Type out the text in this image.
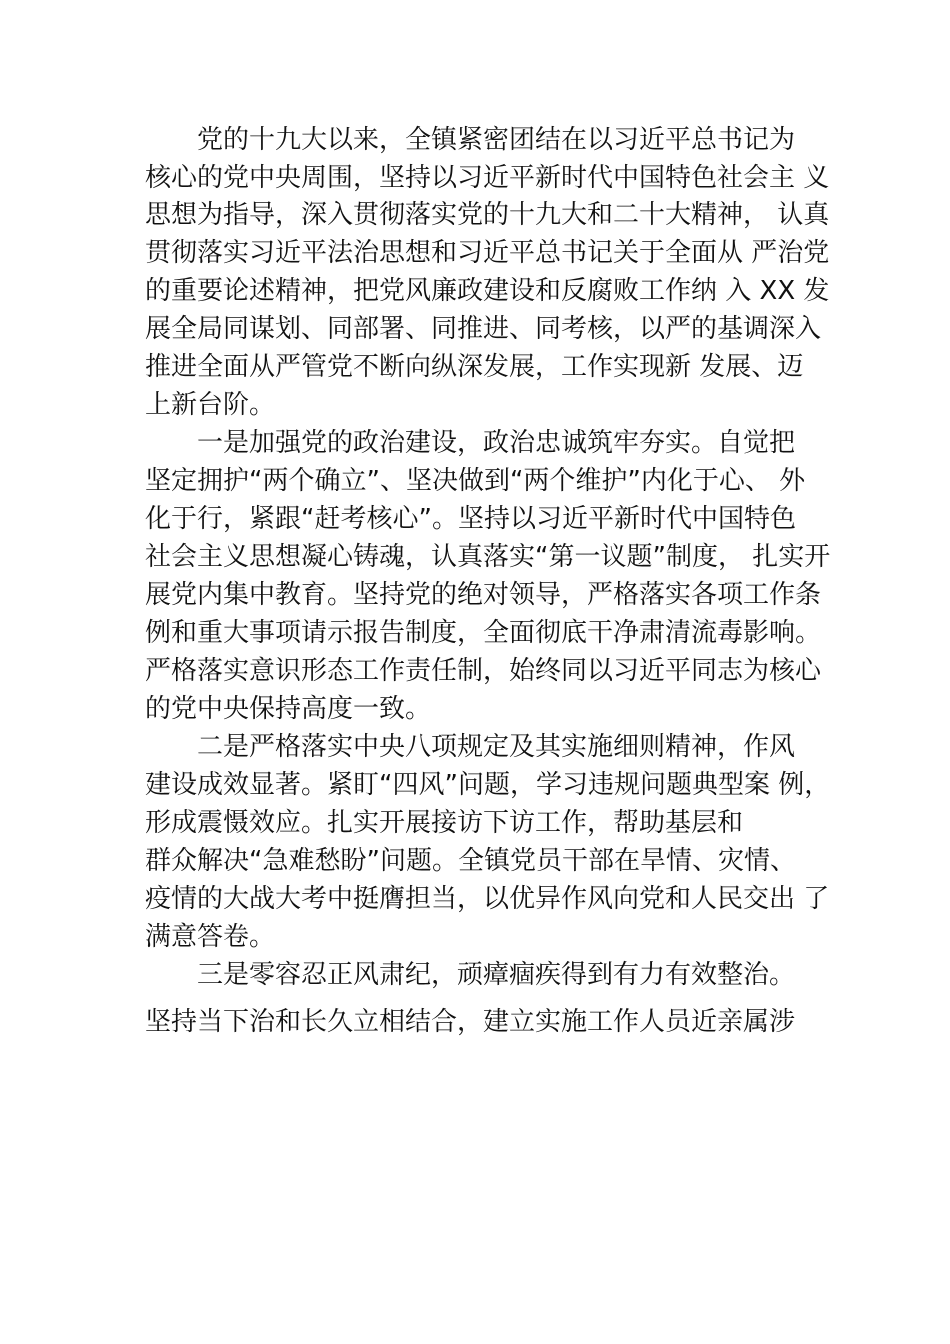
党的十九大以来，全镇紧密团结在以习近平总书记为
核心的党中央周围，坚持以习近平新时代中国特色社会主 义
思想为指导，深入贯彻落实党的十九大和二十大精神， 认真
贯彻落实习近平法治思想和习近平总书记关于全面从 严治党
的重要论述精神，把党风廉政建设和反腐败工作纳 入 XX 发
展全局同谋划、同部署、同推进、同考核，以严的基调深入
推进全面从严管党不断向纵深发展，工作实现新 发展、迈
上新台阶。
一是加强党的政治建设，政治忠诚筑牢夯实。自觉把
坚定拥护“两个确立”、坚决做到“两个维护”内化于心、 外
化于行，紧跟“赶考核心”。坚持以习近平新时代中国特色
社会主义思想凝心铸魂，认真落实“第一议题”制度， 扎实开
展党内集中教育。坚持党的绝对领导，严格落实各项工作条
例和重大事项请示报告制度，全面彻底干净肃清流毒影响。
严格落实意识形态工作责任制，始终同以习近平同志为核心
的党中央保持高度一致。
二是严格落实中央八项规定及其实施细则精神，作风
建设成效显著。紧盯“四风”问题，学习违规问题典型案 例，
形成震慑效应。扎实开展接访下访工作，帮助基层和
群众解决“急难愁盼”问题。全镇党员干部在旱情、灾情、
疫情的大战大考中挺膺担当，以优异作风向党和人民交出 了
满意答卷。
三是零容忍正风肃纪，顽瘴痼疾得到有力有效整治。
坚持当下治和长久立相结合，建立实施工作人员近亲属涉
